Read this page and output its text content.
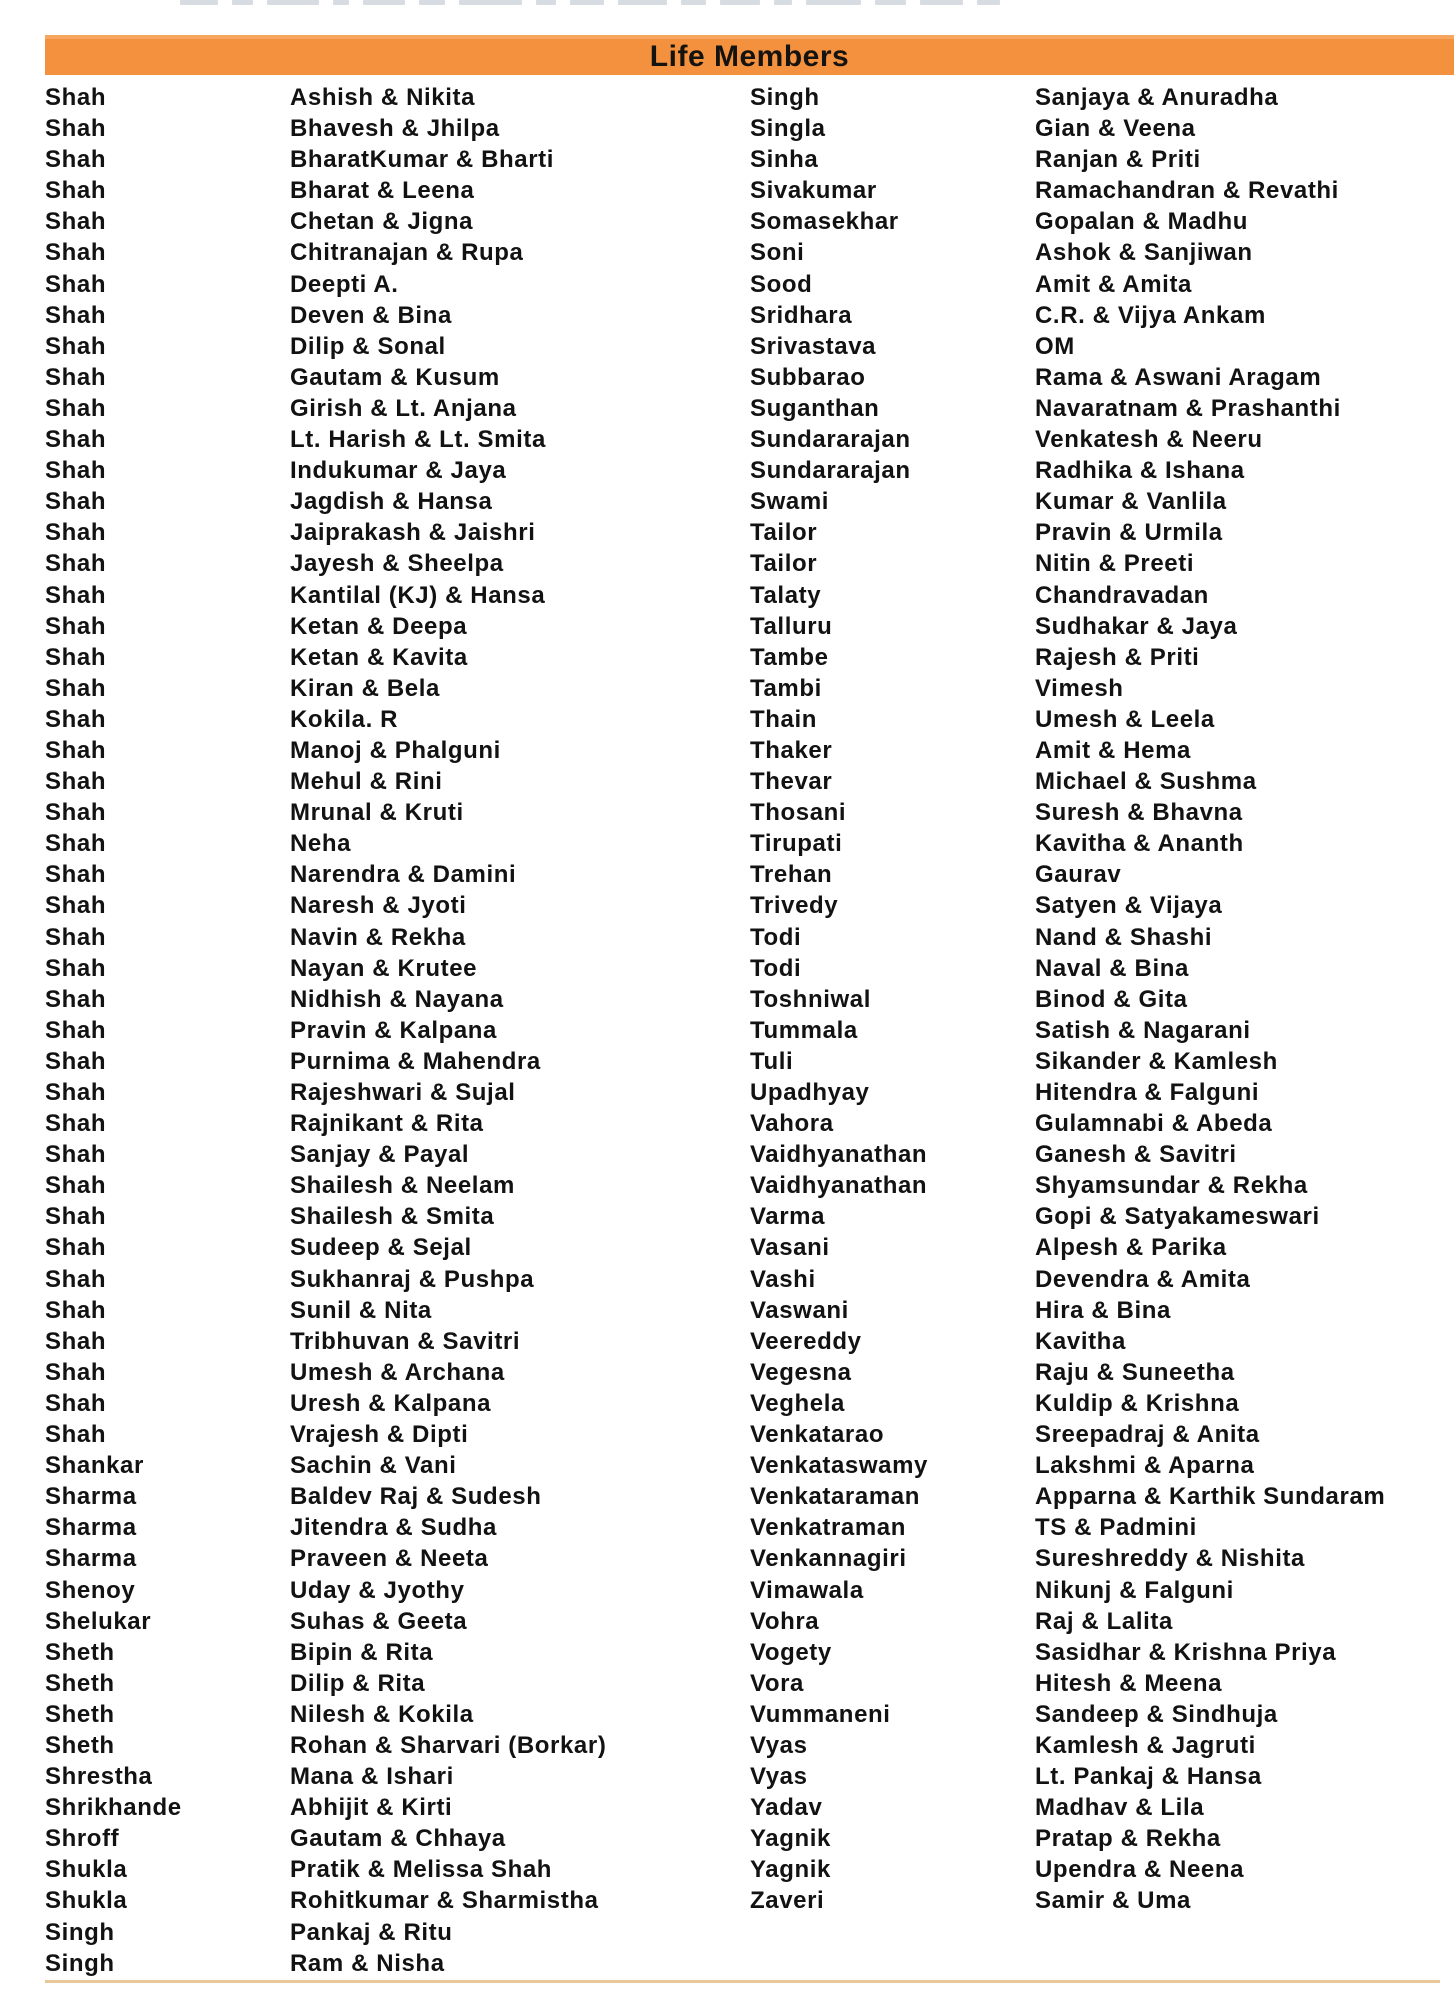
Life Members
Shah	Ashish & Nikita	Singh	Sanjaya & Anuradha
Shah	Bhavesh & Jhilpa	Singla	Gian & Veena
Shah	BharatKumar & Bharti	Sinha	Ranjan & Priti
Shah	Bharat & Leena	Sivakumar	Ramachandran & Revathi
Shah	Chetan & Jigna	Somasekhar	Gopalan & Madhu
Shah	Chitranajan & Rupa	Soni	Ashok & Sanjiwan
Shah	Deepti A.	Sood	Amit & Amita
Shah	Deven & Bina	Sridhara	C.R. & Vijya Ankam
Shah	Dilip & Sonal	Srivastava	OM
Shah	Gautam & Kusum	Subbarao	Rama & Aswani Aragam
Shah	Girish & Lt. Anjana	Suganthan	Navaratnam & Prashanthi
Shah	Lt. Harish & Lt. Smita	Sundararajan	Venkatesh & Neeru
Shah	Indukumar & Jaya	Sundararajan	Radhika & Ishana
Shah	Jagdish & Hansa	Swami	Kumar & Vanlila
Shah	Jaiprakash & Jaishri	Tailor	Pravin & Urmila
Shah	Jayesh & Sheelpa	Tailor	Nitin & Preeti
Shah	Kantilal (KJ) & Hansa	Talaty	Chandravadan
Shah	Ketan & Deepa	Talluru	Sudhakar & Jaya
Shah	Ketan & Kavita	Tambe	Rajesh & Priti
Shah	Kiran & Bela	Tambi	Vimesh
Shah	Kokila. R	Thain	Umesh & Leela
Shah	Manoj & Phalguni	Thaker	Amit & Hema
Shah	Mehul & Rini	Thevar	Michael & Sushma
Shah	Mrunal & Kruti	Thosani	Suresh & Bhavna
Shah	Neha	Tirupati	Kavitha & Ananth
Shah	Narendra & Damini	Trehan	Gaurav
Shah	Naresh & Jyoti	Trivedy	Satyen & Vijaya
Shah	Navin & Rekha	Todi	Nand & Shashi
Shah	Nayan & Krutee	Todi	Naval & Bina
Shah	Nidhish & Nayana	Toshniwal	Binod & Gita
Shah	Pravin & Kalpana	Tummala	Satish & Nagarani
Shah	Purnima & Mahendra	Tuli	Sikander & Kamlesh
Shah	Rajeshwari & Sujal	Upadhyay	Hitendra & Falguni
Shah	Rajnikant & Rita	Vahora	Gulamnabi & Abeda
Shah	Sanjay & Payal	Vaidhyanathan	Ganesh & Savitri
Shah	Shailesh & Neelam	Vaidhyanathan	Shyamsundar & Rekha
Shah	Shailesh & Smita	Varma	Gopi & Satyakameswari
Shah	Sudeep & Sejal	Vasani	Alpesh & Parika
Shah	Sukhanraj & Pushpa	Vashi	Devendra & Amita
Shah	Sunil & Nita	Vaswani	Hira & Bina
Shah	Tribhuvan & Savitri	Veereddy	Kavitha
Shah	Umesh & Archana	Vegesna	Raju & Suneetha
Shah	Uresh & Kalpana	Veghela	Kuldip & Krishna
Shah	Vrajesh & Dipti	Venkatarao	Sreepadraj & Anita
Shankar	Sachin & Vani	Venkataswamy	Lakshmi & Aparna
Sharma	Baldev Raj & Sudesh	Venkataraman	Apparna & Karthik Sundaram
Sharma	Jitendra & Sudha	Venkatraman	TS & Padmini
Sharma	Praveen & Neeta	Venkannagiri	Sureshreddy & Nishita
Shenoy	Uday & Jyothy	Vimawala	Nikunj & Falguni
Shelukar	Suhas & Geeta	Vohra	Raj & Lalita
Sheth	Bipin & Rita	Vogety	Sasidhar & Krishna Priya
Sheth	Dilip & Rita	Vora	Hitesh & Meena
Sheth	Nilesh & Kokila	Vummaneni	Sandeep & Sindhuja
Sheth	Rohan & Sharvari (Borkar)	Vyas	Kamlesh & Jagruti
Shrestha	Mana & Ishari	Vyas	Lt. Pankaj & Hansa
Shrikhande	Abhijit & Kirti	Yadav	Madhav & Lila
Shroff	Gautam & Chhaya	Yagnik	Pratap & Rekha
Shukla	Pratik & Melissa Shah	Yagnik	Upendra & Neena
Shukla	Rohitkumar & Sharmistha	Zaveri	Samir & Uma
Singh	Pankaj & Ritu
Singh	Ram & Nisha
